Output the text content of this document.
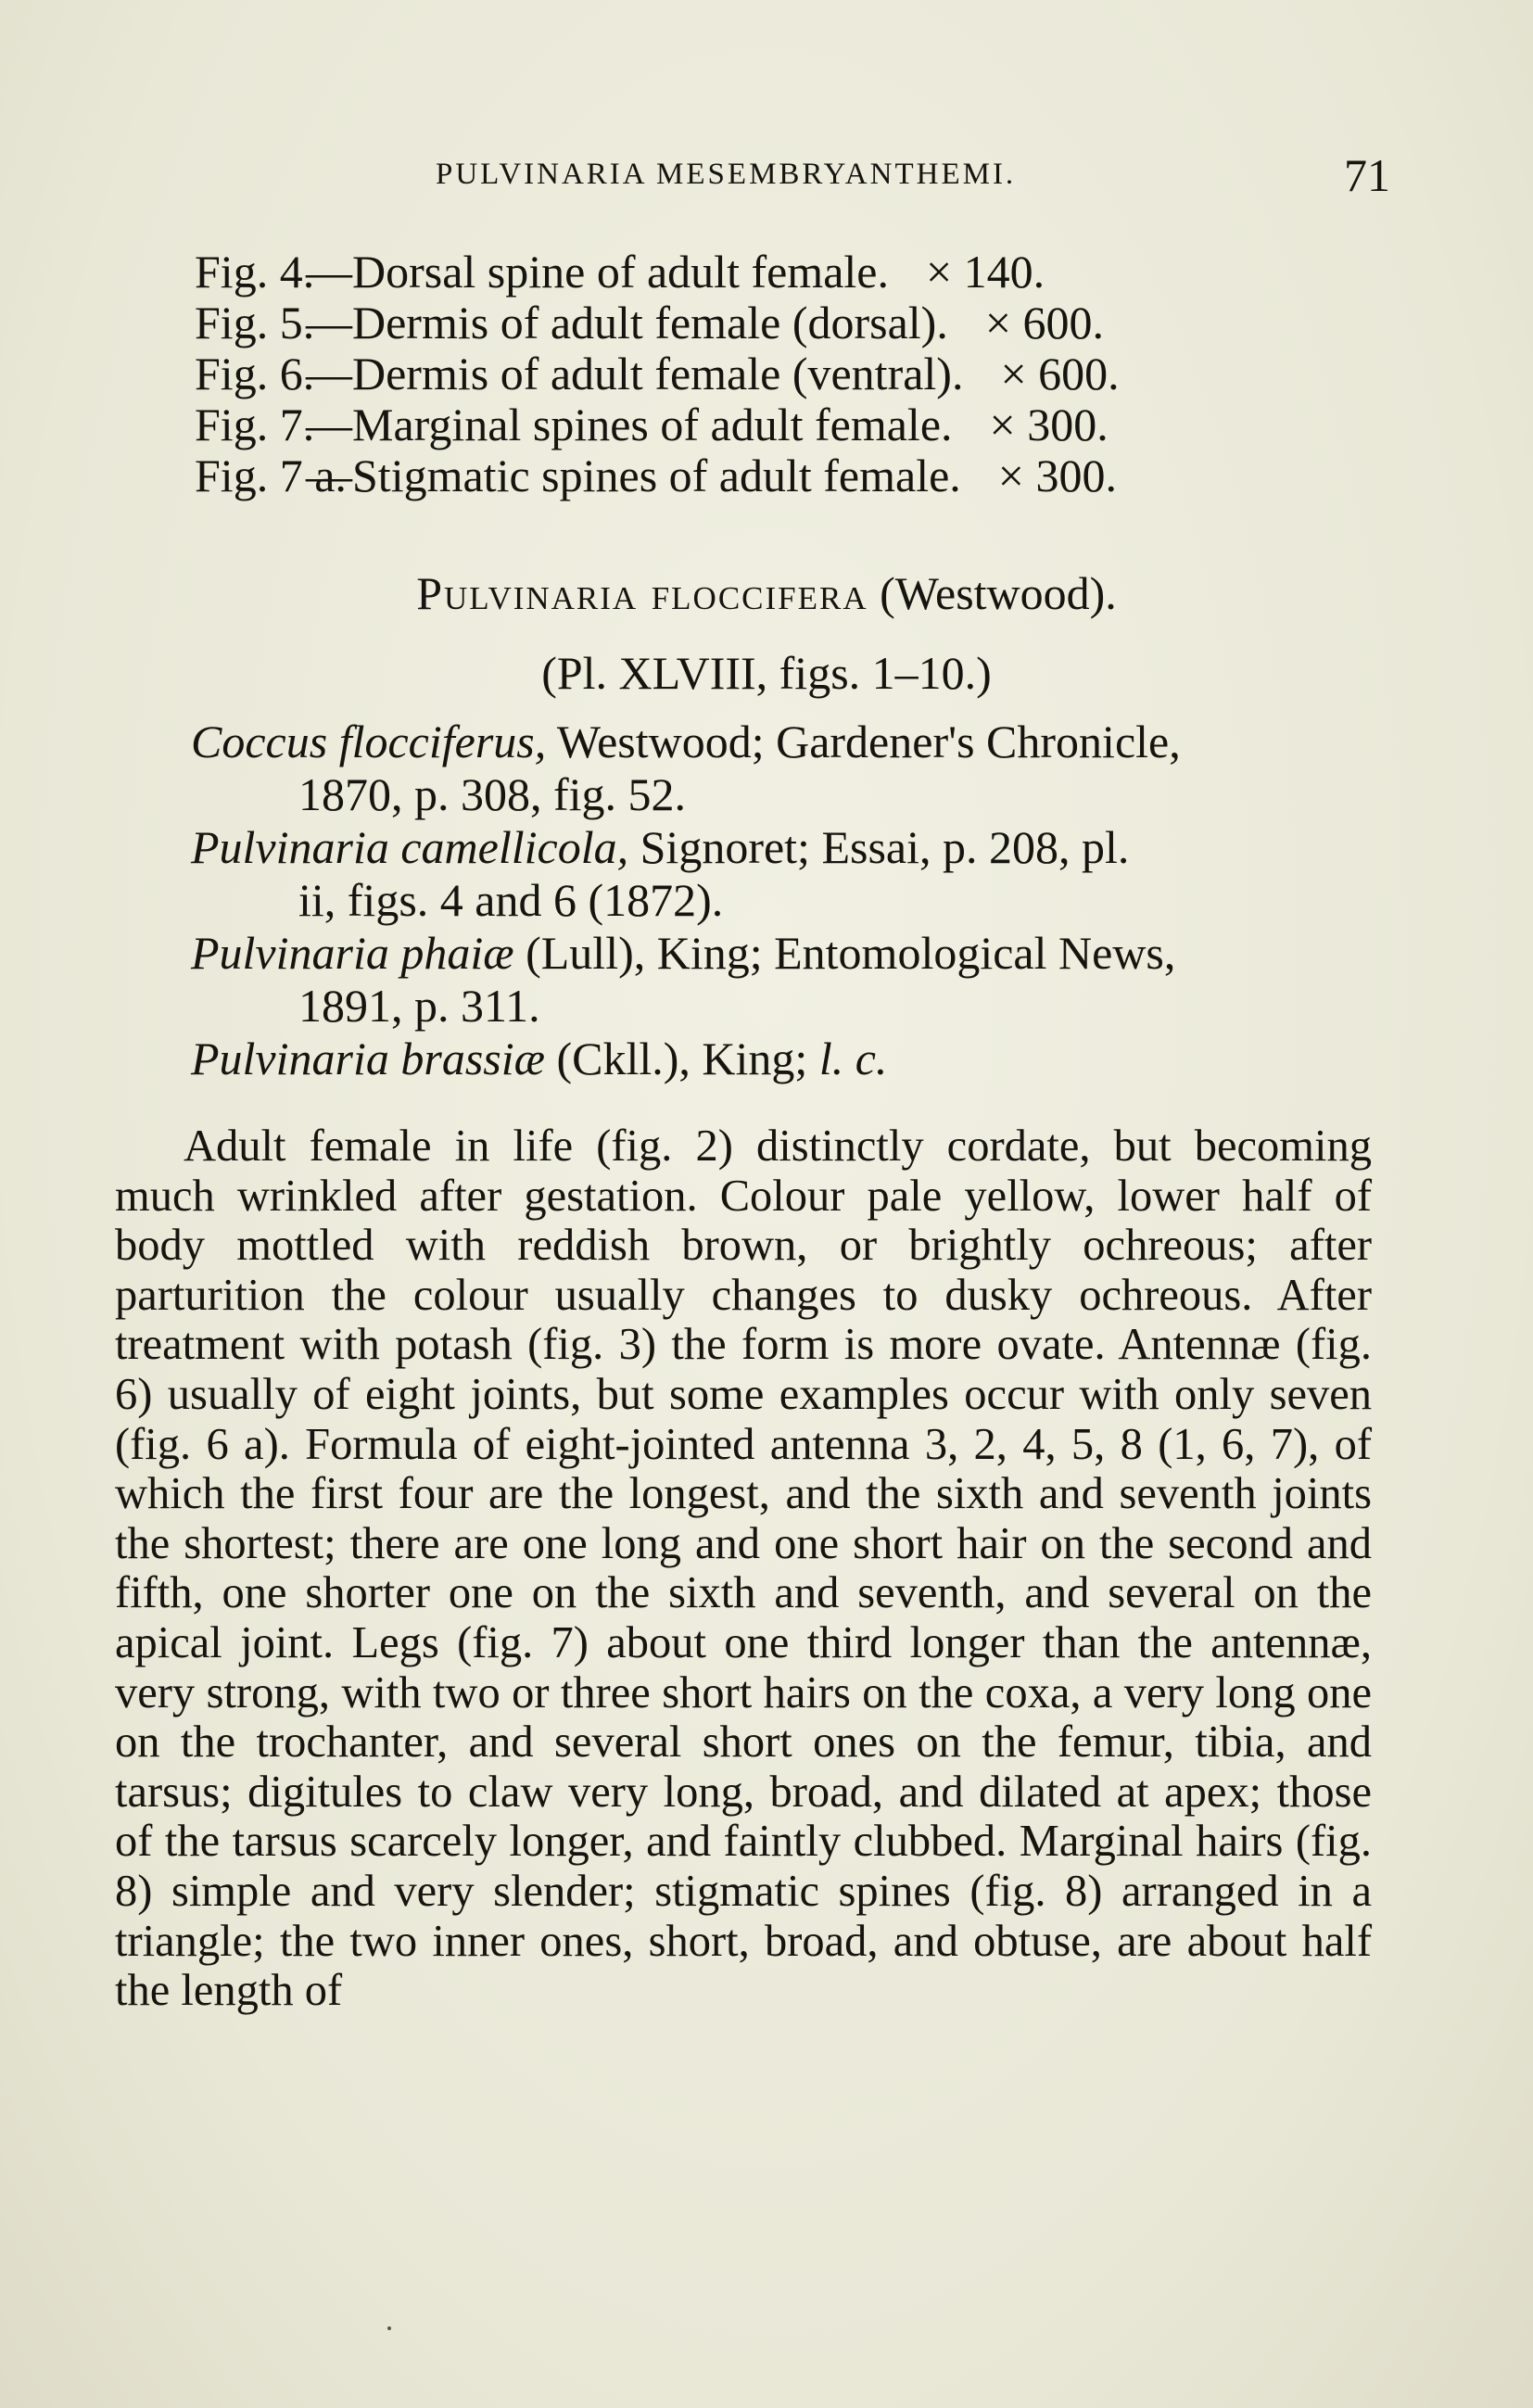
PULVINARIA MESEMBRYANTHEMI.	71
Fig. 4.—Dorsal spine of adult female. × 140.
Fig. 5.—Dermis of adult female (dorsal). × 600.
Fig. 6.—Dermis of adult female (ventral). × 600.
Fig. 7.—Marginal spines of adult female. × 300.
Fig. 7 a.—Stigmatic spines of adult female. × 300.
Pulvinaria floccifera (Westwood).
(Pl. XLVIII, figs. 1–10.)
Coccus flocciferus, Westwood; Gardener's Chronicle,
1870, p. 308, fig. 52.
Pulvinaria camellicola, Signoret; Essai, p. 208, pl.
ii, figs. 4 and 6 (1872).
Pulvinaria phaiæ (Lull), King; Entomological News,
1891, p. 311.
Pulvinaria brassiæ (Ckll.), King; l. c.
Adult female in life (fig. 2) distinctly cordate, but becoming much wrinkled after gestation. Colour pale yellow, lower half of body mottled with reddish brown, or brightly ochreous; after parturition the colour usually changes to dusky ochreous. After treatment with potash (fig. 3) the form is more ovate. Antennæ (fig. 6) usually of eight joints, but some examples occur with only seven (fig. 6 a). Formula of eight-jointed antenna 3, 2, 4, 5, 8 (1, 6, 7), of which the first four are the longest, and the sixth and seventh joints the shortest; there are one long and one short hair on the second and fifth, one shorter one on the sixth and seventh, and several on the apical joint. Legs (fig. 7) about one third longer than the antennæ, very strong, with two or three short hairs on the coxa, a very long one on the trochanter, and several short ones on the femur, tibia, and tarsus; digitules to claw very long, broad, and dilated at apex; those of the tarsus scarcely longer, and faintly clubbed. Marginal hairs (fig. 8) simple and very slender; stigmatic spines (fig. 8) arranged in a triangle; the two inner ones, short, broad, and obtuse, are about half the length of
